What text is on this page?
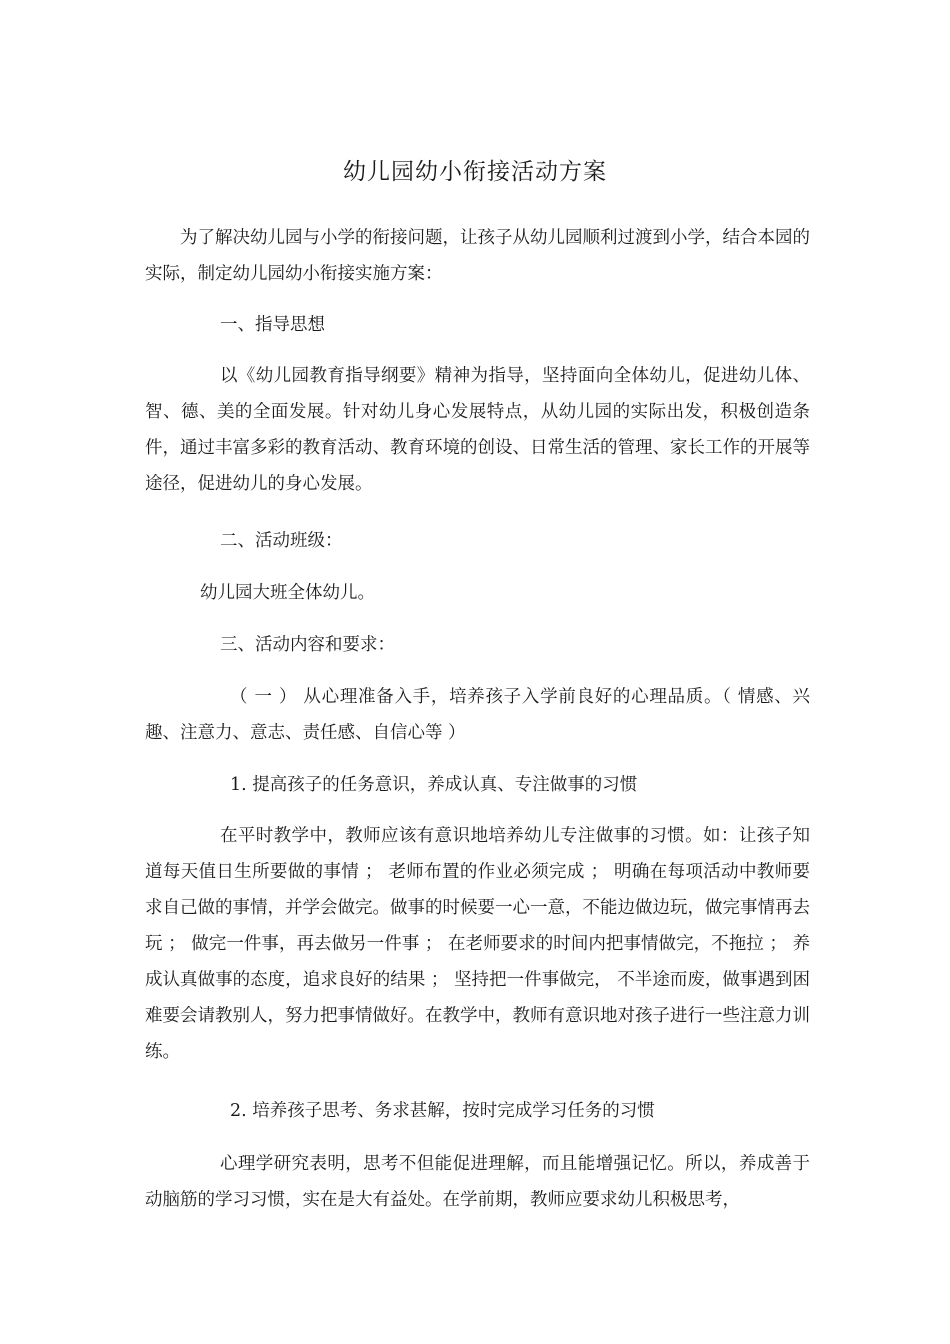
幼儿园幼小衔接活动方案

为了解决幼儿园与小学的衔接问题，让孩子从幼儿园顺利过渡到小学，结合本园的实际，制定幼儿园幼小衔接实施方案：

一、指导思想

以《幼儿园教育指导纲要》精神为指导，坚持面向全体幼儿，促进幼儿体、智、德、美的全面发展。针对幼儿身心发展特点，从幼儿园的实际出发，积极创造条件，通过丰富多彩的教育活动、教育环境的创设、日常生活的管理、家长工作的开展等途径，促进幼儿的身心发展。

二、活动班级：
幼儿园大班全体幼儿。
三、活动内容和要求：

（ 一 ） 从心理准备入手，培养孩子入学前良好的心理品质。（ 情感、兴趣、注意力、意志、责任感、自信心等 ）

1. 提高孩子的任务意识，养成认真、专注做事的习惯

在平时教学中，教师应该有意识地培养幼儿专注做事的习惯。如：让孩子知道每天值日生所要做的事情 ； 老师布置的作业必须完成 ； 明确在每项活动中教师要求自己做的事情，并学会做完。做事的时候要一心一意，不能边做边玩，做完事情再去玩 ； 做完一件事，再去做另一件事 ； 在老师要求的时间内把事情做完，不拖拉 ； 养成认真做事的态度，追求良好的结果 ； 坚持把一件事做完， 不半途而废，做事遇到困难要会请教别人，努力把事情做好。在教学中，教师有意识地对孩子进行一些注意力训练。

2. 培养孩子思考、务求甚解，按时完成学习任务的习惯

心理学研究表明，思考不但能促进理解，而且能增强记忆。所以，养成善于动脑筋的学习习惯，实在是大有益处。在学前期，教师应要求幼儿积极思考，
